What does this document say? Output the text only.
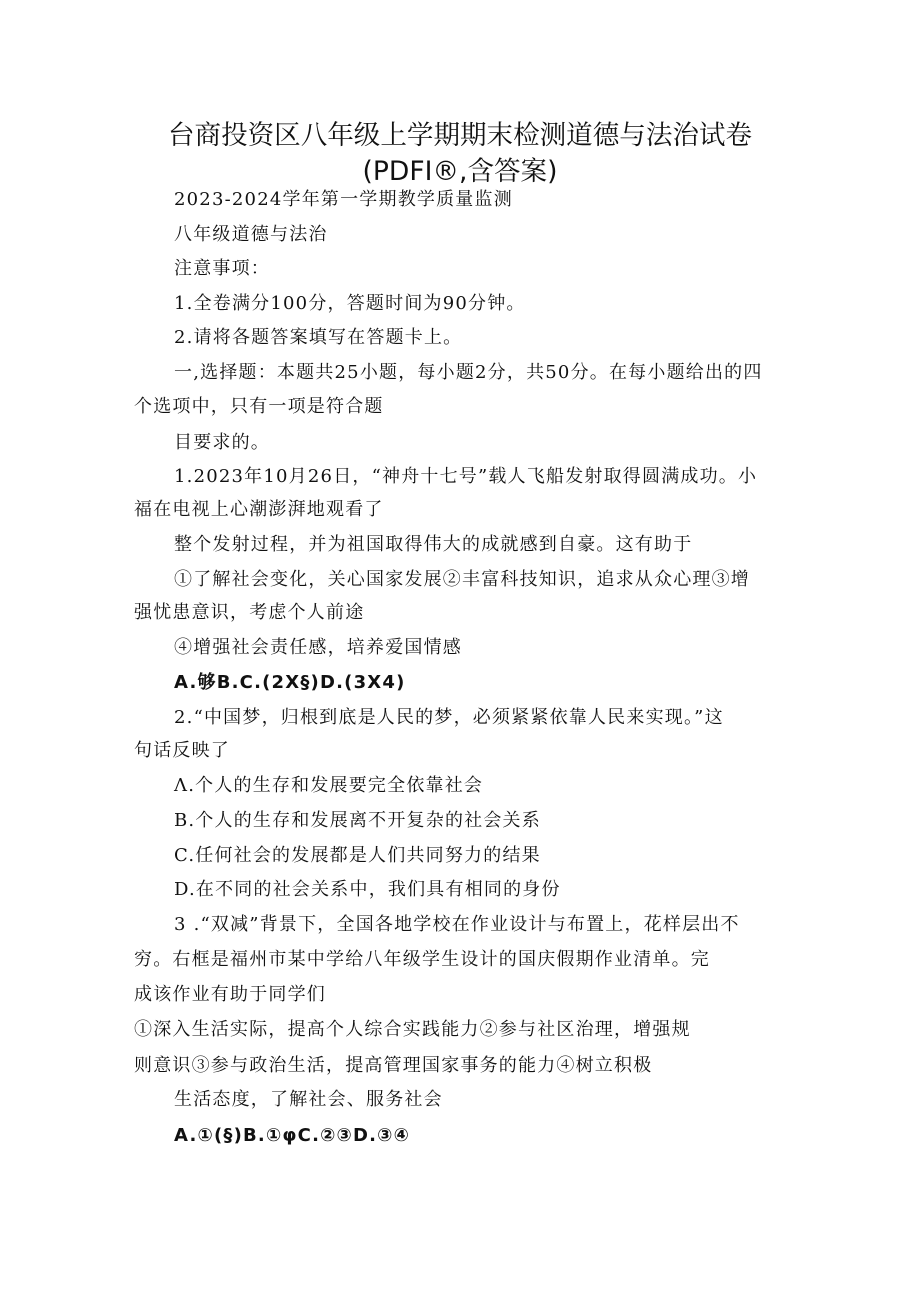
台商投资区八年级上学期期末检测道德与法治试卷
(PDFI®,含答案)
2023-2024学年第一学期教学质量监测
八年级道德与法治
注意事项：
1.全卷满分100分，答题时间为90分钟。
2.请将各题答案填写在答题卡上。
一,选择题：本题共25小题，每小题2分，共50分。在每小题给出的四
个选项中，只有一项是符合题
目要求的。
1.2023年10月26日，“神舟十七号”载人飞船发射取得圆满成功。小
福在电视上心潮澎湃地观看了
整个发射过程，并为祖国取得伟大的成就感到自豪。这有助于
①了解社会变化，关心国家发展②丰富科技知识，追求从众心理③增
强忧患意识，考虑个人前途
④增强社会责任感，培养爱国情感
A.够B.C.(2X§)D.(3X4)
2.“中国梦，归根到底是人民的梦，必须紧紧依靠人民来实现。”这
句话反映了
Λ.个人的生存和发展要完全依靠社会
B.个人的生存和发展离不开复杂的社会关系
C.任何社会的发展都是人们共同努力的结果
D.在不同的社会关系中，我们具有相同的身份
3 .“双减”背景下，全国各地学校在作业设计与布置上，花样层出不
穷。右框是福州市某中学给八年级学生设计的国庆假期作业清单。完
成该作业有助于同学们
①深入生活实际，提高个人综合实践能力②参与社区治理，增强规
则意识③参与政治生活，提高管理国家事务的能力④树立积极
生活态度，了解社会、服务社会
A.①(§)B.①φC.②③D.③④
